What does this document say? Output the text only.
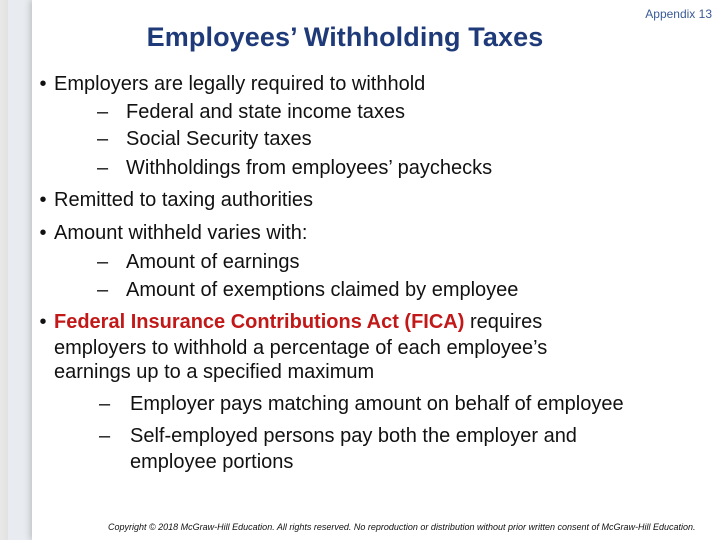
Employees’ Withholding Taxes
Appendix 13
• Employers are legally required to withhold
– Federal and state income taxes
– Social Security taxes
– Withholdings from employees’ paychecks
• Remitted to taxing authorities
• Amount withheld varies with:
– Amount of earnings
– Amount of exemptions claimed by employee
• Federal Insurance Contributions Act (FICA) requires
employers to withhold a percentage of each employee’s
earnings up to a specified maximum
– Employer pays matching amount on behalf of employee
– Self-employed persons pay both the employer and
employee portions
Copyright © 2018 McGraw-Hill Education. All rights reserved. No reproduction or distribution without prior written consent of McGraw-Hill Education.
